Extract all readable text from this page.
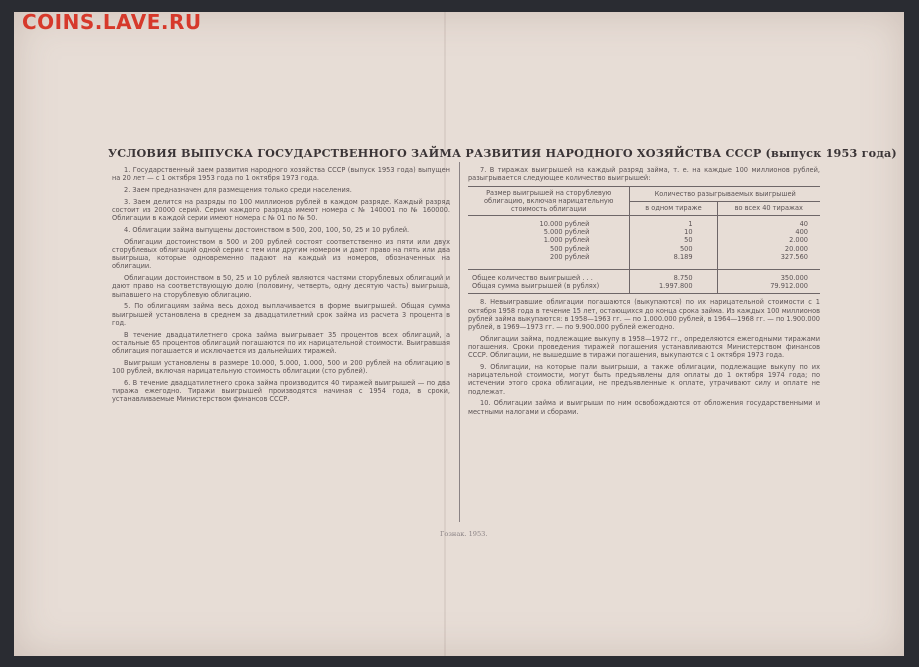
COINS.LAVE.RU
УСЛОВИЯ ВЫПУСКА ГОСУДАРСТВЕННОГО ЗАЙМА РАЗВИТИЯ НАРОДНОГО ХОЗЯЙСТВА СССР (выпуск 1953 года)

1. Государственный заем развития народного хозяйства СССР (выпуск 1953 года) выпущен на 20 лет — с 1 октября 1953 года по 1 октября 1973 года.

2. Заем предназначен для размещения только среди населения.

3. Заем делится на разряды по 100 миллионов рублей в каждом разряде. Каждый разряд состоит из 20000 серий. Серии каждого разряда имеют номера с № 140001 по № 160000. Облигации в каждой серии имеют номера с № 01 по № 50.

4. Облигации займа выпущены достоинством в 500, 200, 100, 50, 25 и 10 рублей.

Облигации достоинством в 500 и 200 рублей состоят соответственно из пяти или двух сторублевых облигаций одной серии с тем или другим номером и дают право на пять или два выигрыша, которые одновременно падают на каждый из номеров, обозначенных на облигации.

Облигации достоинством в 50, 25 и 10 рублей являются частями сторублевых облигаций и дают право на соответствующую долю (половину, четверть, одну десятую часть) выигрыша, выпавшего на сторублевую облигацию.

5. По облигациям займа весь доход выплачивается в форме выигрышей. Общая сумма выигрышей установлена в среднем за двадцатилетний срок займа из расчета 3 процента в год.

В течение двадцатилетнего срока займа выигрывает 35 процентов всех облигаций, а остальные 65 процентов облигаций погашаются по их нарицательной стоимости. Выигравшая облигация погашается и исключается из дальнейших тиражей.

Выигрыши установлены в размере 10.000, 5.000, 1.000, 500 и 200 рублей на облигацию в 100 рублей, включая нарицательную стоимость облигации (сто рублей).

6. В течение двадцатилетнего срока займа производится 40 тиражей выигрышей — по два тиража ежегодно. Тиражи выигрышей производятся начиная с 1954 года, в сроки, устанавливаемые Министерством финансов СССР.

7. В тиражах выигрышей на каждый разряд займа, т. е. на каждые 100 миллионов рублей, разыгрывается следующее количество выигрышей:

Размер выигрышей на сторублевую облигацию, включая нарицательную стоимость облигации	Количество разыгрываемых выигрышей	
	в одном тираже	во всех 40 тиражах
10.000 рублей	1	40
5.000 рублей	10	400
1.000 рублей	50	2.000
500 рублей	500	20.000
200 рублей	8.189	327.560
Общее количество выигрышей . . .	8.750	350.000
Общая сумма выигрышей (в рублях)	1.997.800	79.912.000

8. Невыигравшие облигации погашаются (выкупаются) по их нарицательной стоимости с 1 октября 1958 года в течение 15 лет, остающихся до конца срока займа. Из каждых 100 миллионов рублей займа выкупаются: в 1958—1963 гг. — по 1.000.000 рублей, в 1964—1968 гг. — по 1.900.000 рублей, в 1969—1973 гг. — по 9.900.000 рублей ежегодно.

Облигации займа, подлежащие выкупу в 1958—1972 гг., определяются ежегодными тиражами погашения. Сроки проведения тиражей погашения устанавливаются Министерством финансов СССР. Облигации, не вышедшие в тиражи погашения, выкупаются с 1 октября 1973 года.

9. Облигации, на которые пали выигрыши, а также облигации, подлежащие выкупу по их нарицательной стоимости, могут быть предъявлены для оплаты до 1 октября 1974 года; по истечении этого срока облигации, не предъявленные к оплате, утрачивают силу и оплате не подлежат.

10. Облигации займа и выигрыши по ним освобождаются от обложения государственными и местными налогами и сборами.

Гознак. 1953.
